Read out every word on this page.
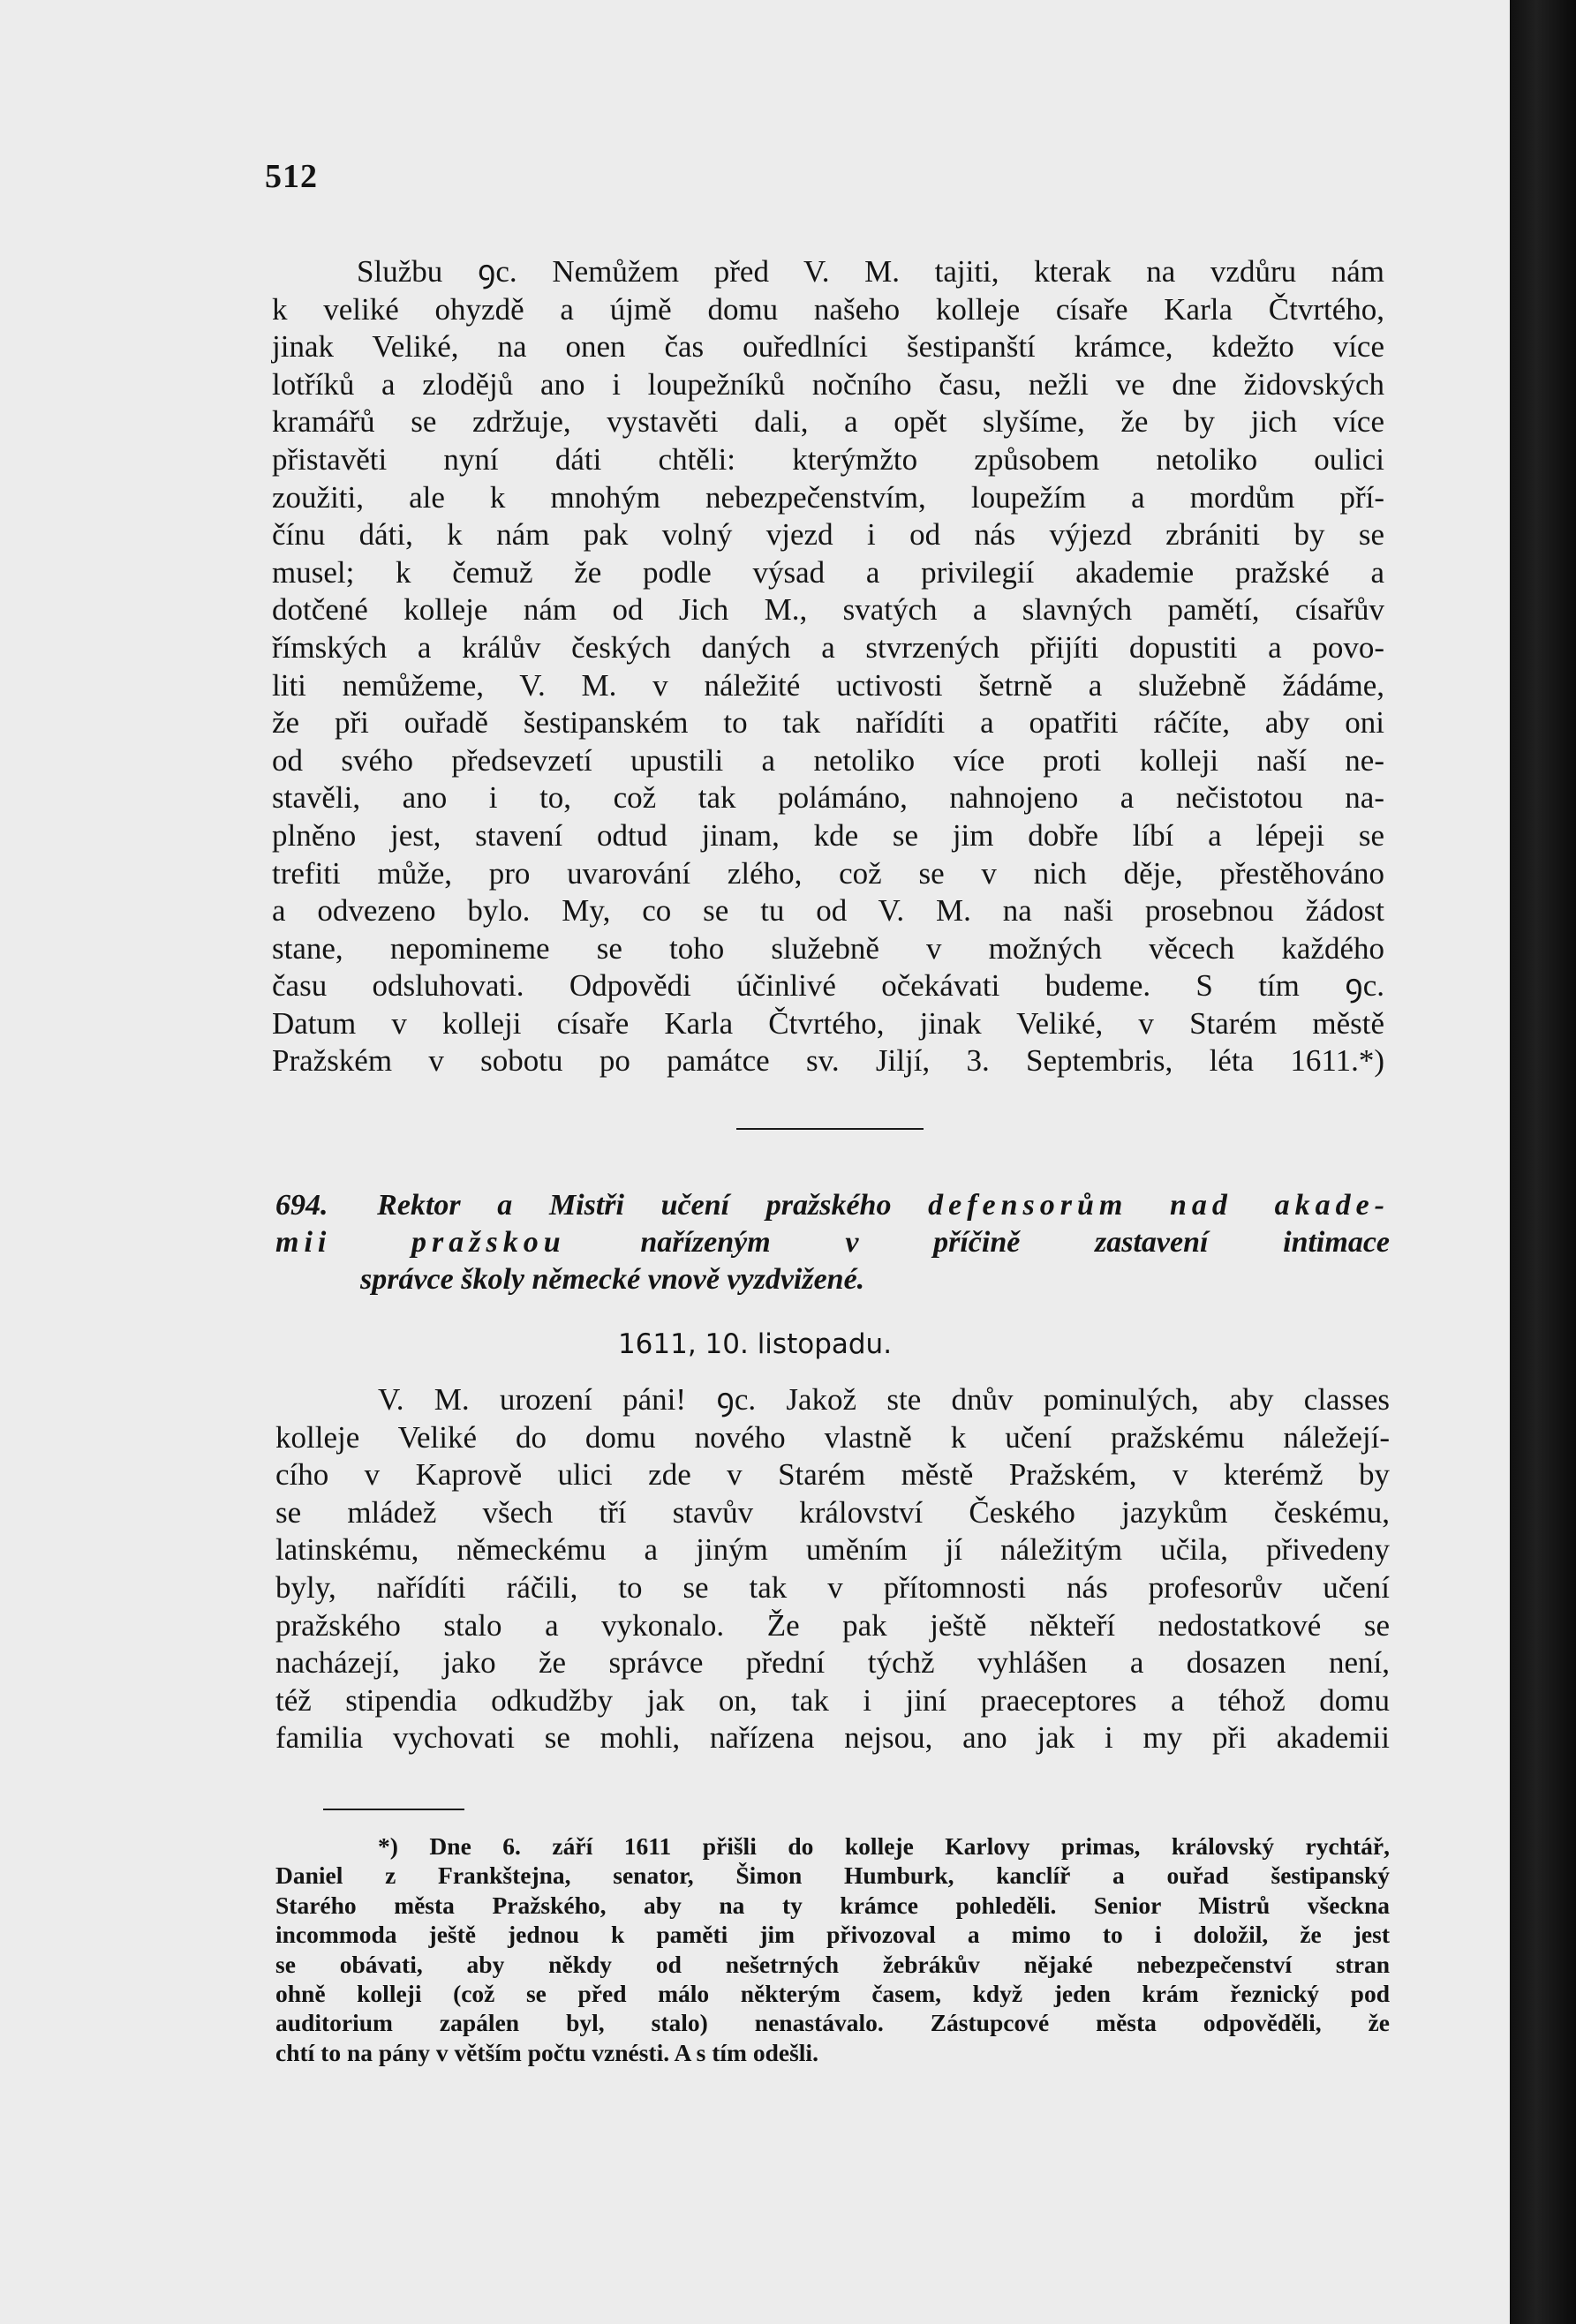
512
Službu ꝯc. Nemůžem před V. M. tajiti, kterak na vzdůru nám
k veliké ohyzdě a újmě domu našeho kolleje císaře Karla Čtvrtého,
jinak Veliké, na onen čas ouředlníci šestipanští krámce, kdežto více
lotříků a zlodějů ano i loupežníků nočního času, nežli ve dne židovských
kramářů se zdržuje, vystavěti dali, a opět slyšíme, že by jich více
přistavěti nyní dáti chtěli: kterýmžto způsobem netoliko oulici
zoužiti, ale k mnohým nebezpečenstvím, loupežím a mordům pří-
čínu dáti, k nám pak volný vjezd i od nás výjezd zbrániti by se
musel; k čemuž že podle výsad a privilegií akademie pražské a
dotčené kolleje nám od Jich M., svatých a slavných pamětí, císařův
římských a králův českých daných a stvrzených přijíti dopustiti a povo-
liti nemůžeme, V. M. v náležité uctivosti šetrně a služebně žádáme,
že při ouřadě šestipanském to tak nařídíti a opatřiti ráčíte, aby oni
od svého předsevzetí upustili a netoliko více proti kolleji naší ne-
stavěli, ano i to, což tak polámáno, nahnojeno a nečistotou na-
plněno jest, stavení odtud jinam, kde se jim dobře líbí a lépeji se
trefiti může, pro uvarování zlého, což se v nich děje, přestěhováno
a odvezeno bylo. My, co se tu od V. M. na naši prosebnou žádost
stane, nepomineme se toho služebně v možných věcech každého
času odsluhovati. Odpovědi účinlivé očekávati budeme. S tím ꝯc.
Datum v kolleji císaře Karla Čtvrtého, jinak Veliké, v Starém městě
Pražském v sobotu po památce sv. Jiljí, 3. Septembris, léta 1611.*)
694. Rektor a Mistři učení pražského defensorům nad akade-
mii pražskou nařízeným v příčině zastavení intimace
správce školy německé vnově vyzdvižené.
1611, 10. listopadu.
V. M. urození páni! ꝯc. Jakož ste dnův pominulých, aby classes
kolleje Veliké do domu nového vlastně k učení pražskému náležejí-
cího v Kaprově ulici zde v Starém městě Pražském, v kterémž by
se mládež všech tří stavův království Českého jazykům českému,
latinskému, německému a jiným uměním jí náležitým učila, přivedeny
byly, nařídíti ráčili, to se tak v přítomnosti nás profesorův učení
pražského stalo a vykonalo. Že pak ještě někteří nedostatkové se
nacházejí, jako že správce přední týchž vyhlášen a dosazen není,
též stipendia odkudžby jak on, tak i jiní praeceptores a téhož domu
familia vychovati se mohli, nařízena nejsou, ano jak i my při akademii
*) Dne 6. září 1611 přišli do kolleje Karlovy primas, královský rychtář,
Daniel z Frankštejna, senator, Šimon Humburk, kanclíř a ouřad šestipanský
Starého města Pražského, aby na ty krámce pohleděli. Senior Mistrů všeckna
incommoda ještě jednou k paměti jim přivozoval a mimo to i doložil, že jest
se obávati, aby někdy od nešetrných žebrákův nějaké nebezpečenství stran
ohně kolleji (což se před málo některým časem, když jeden krám řeznický pod
auditorium zapálen byl, stalo) nenastávalo. Zástupcové města odpověděli, že
chtí to na pány v větším počtu vznésti. A s tím odešli.
